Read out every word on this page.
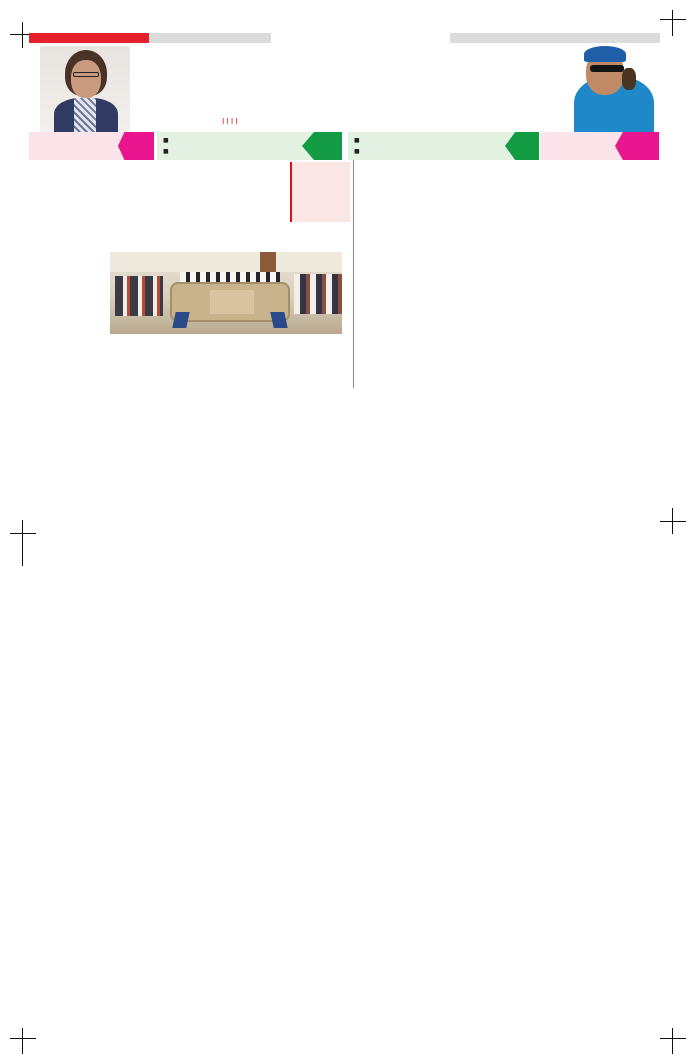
| | | |
■
■
■
■
